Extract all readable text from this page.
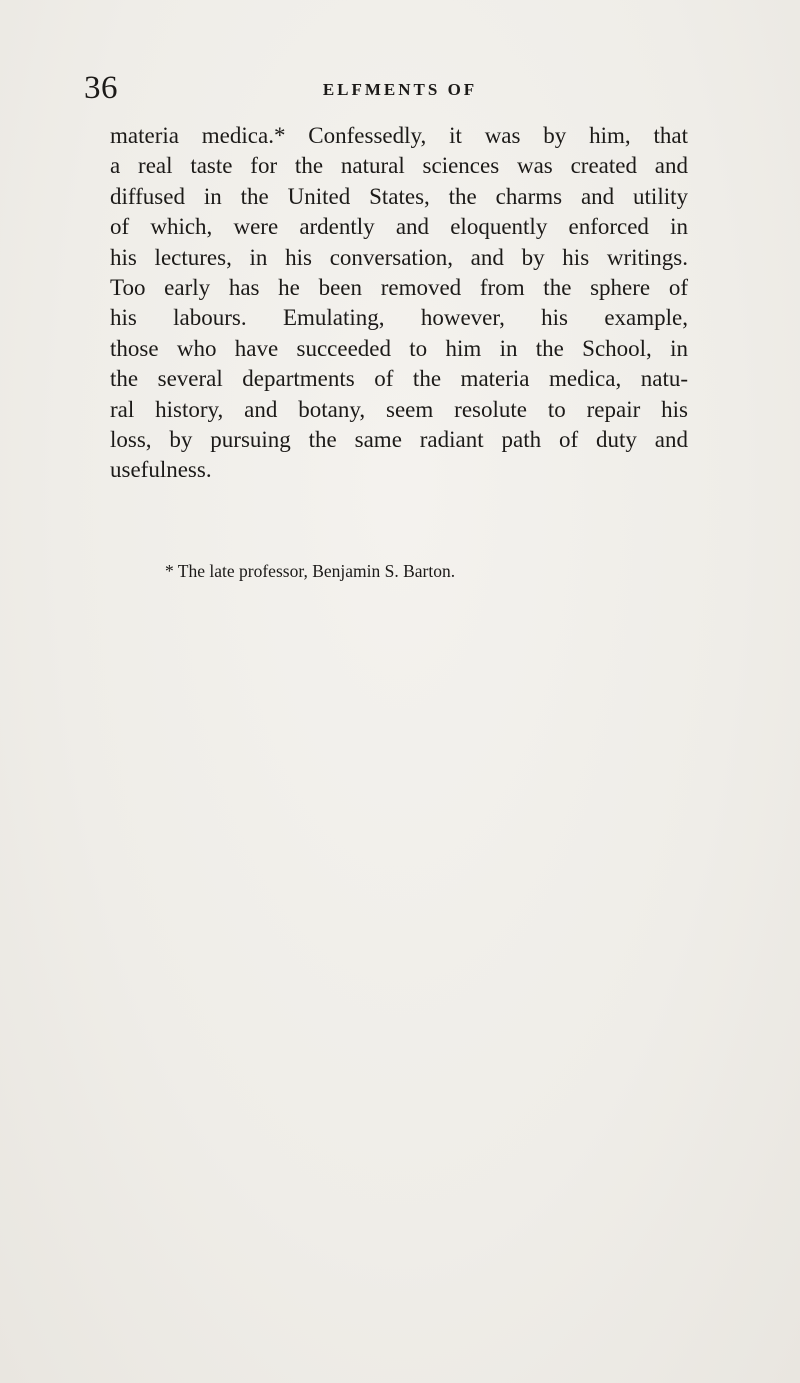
36	ELFMENTS OF
materia medica.* Confessedly, it was by him, that
a real taste for the natural sciences was created and
diffused in the United States, the charms and utility
of which, were ardently and eloquently enforced in
his lectures, in his conversation, and by his writings.
Too early has he been removed from the sphere of
his labours. Emulating, however, his example,
those who have succeeded to him in the School, in
the several departments of the materia medica, natu-
ral history, and botany, seem resolute to repair his
loss, by pursuing the same radiant path of duty and
usefulness.
* The late professor, Benjamin S. Barton.
